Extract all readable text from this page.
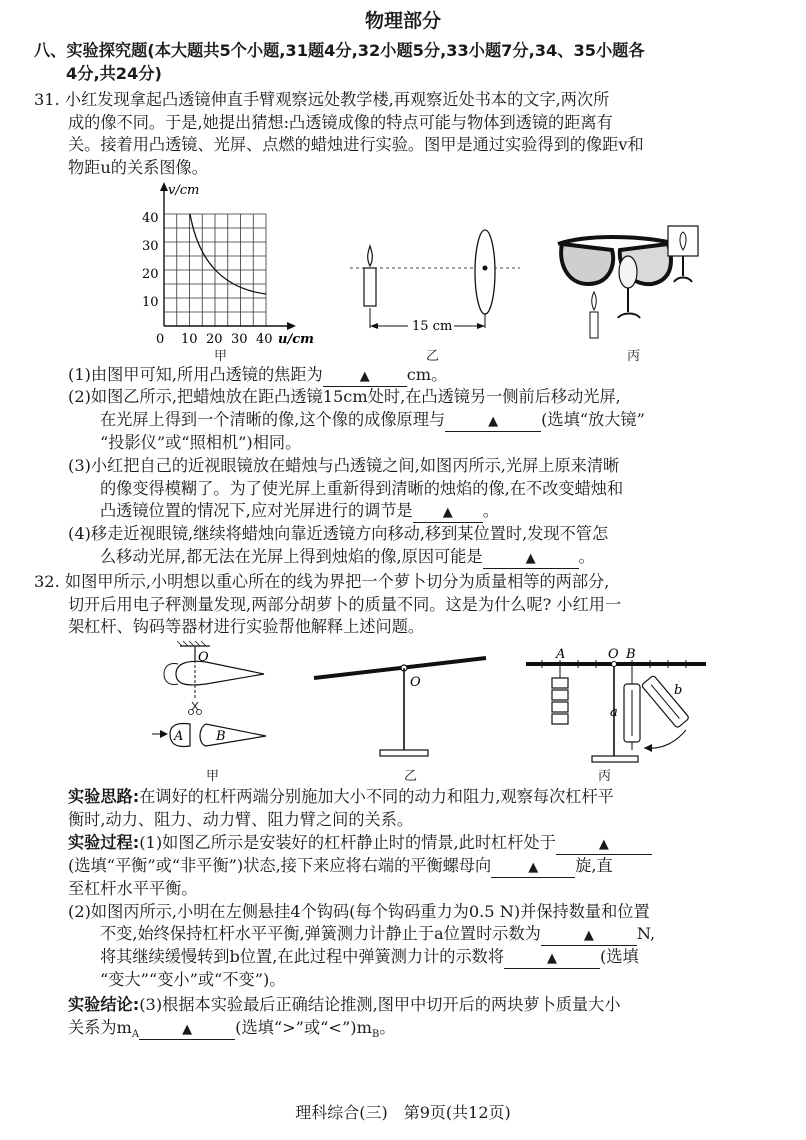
物理部分
八、实验探究题(本大题共5个小题,31题4分,32小题5分,33小题7分,34、35小题各
4分,共24分)
31. 小红发现拿起凸透镜伸直手臂观察远处教学楼,再观察近处书本的文字,两次所
成的像不同。于是,她提出猜想:凸透镜成像的特点可能与物体到透镜的距离有
关。接着用凸透镜、光屏、点燃的蜡烛进行实验。图甲是通过实验得到的像距v和
物距u的关系图像。
v/cm
40
30
20
10
0 10 20 30 40 u/cm
15 cm
甲	乙	丙
(1)由图甲可知,所用凸透镜的焦距为	▲ cm。
(2)如图乙所示,把蜡烛放在距凸透镜15cm处时,在凸透镜另一侧前后移动光屏,
在光屏上得到一个清晰的像,这个像的成像原理与	▲	(选填“放大镜”
“投影仪”或“照相机”)相同。
(3)小红把自己的近视眼镜放在蜡烛与凸透镜之间,如图丙所示,光屏上原来清晰
的像变得模糊了。为了使光屏上重新得到清晰的烛焰的像,在不改变蜡烛和
凸透镜位置的情况下,应对光屏进行的调节是 ▲ 。
(4)移走近视眼镜,继续将蜡烛向靠近透镜方向移动,移到某位置时,发现不管怎
么移动光屏,都无法在光屏上得到烛焰的像,原因可能是	▲	。
32. 如图甲所示,小明想以重心所在的线为界把一个萝卜切分为质量相等的两部分,
切开后用电子秤测量发现,两部分胡萝卜的质量不同。这是为什么呢? 小红用一
架杠杆、钩码等器材进行实验帮他解释上述问题。
O
A	B
O
A	O B
a
b
甲	乙	丙
实验思路:在调好的杠杆两端分别施加大小不同的动力和阻力,观察每次杠杆平
衡时,动力、阻力、动力臂、阻力臂之间的关系。
实验过程:(1)如图乙所示是安装好的杠杆静止时的情景,此时杠杆处于	▲
(选填“平衡”或“非平衡”)状态,接下来应将右端的平衡螺母向	▲ 旋,直
至杠杆水平平衡。
(2)如图丙所示,小明在左侧悬挂4个钩码(每个钩码重力为0.5 N)并保持数量和位置
不变,始终保持杠杆水平平衡,弹簧测力计静止于a位置时示数为	▲	N,
将其继续缓慢转到b位置,在此过程中弹簧测力计的示数将	▲	(选填
“变大”“变小”或“不变”)。
实验结论:(3)根据本实验最后正确结论推测,图甲中切开后的两块萝卜质量大小
关系为$m_A$	▲	(选填“>”或“$<”)m_B$。
理科综合(三)　第9页(共12页)
